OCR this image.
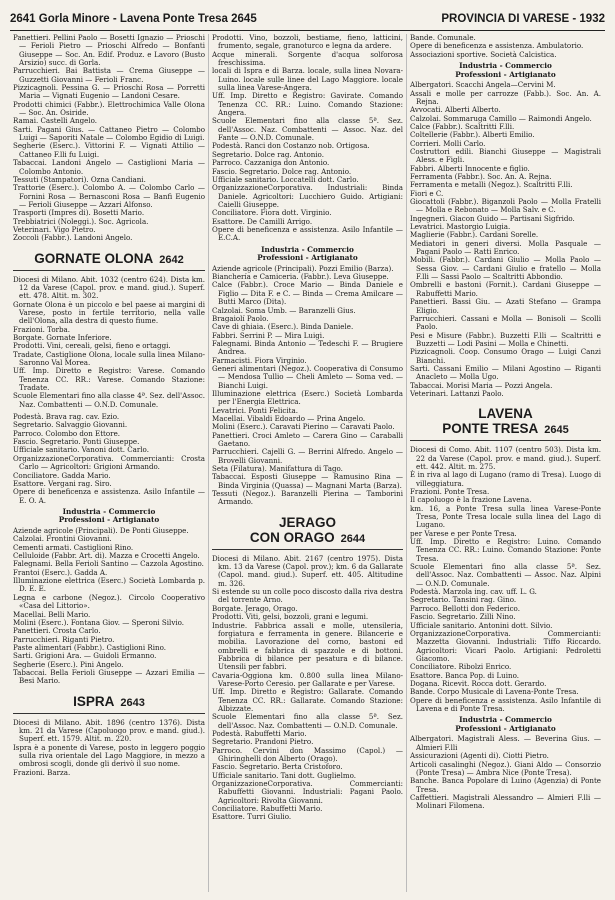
2641 Gorla Minore - Lavena Ponte Tresa 2645	PROVINCIA DI VARESE - 1932

Panettieri. Pellini Paolo — Bosetti Ignazio — Prioschi — Ferioli Pietro — Prioschi Alfredo — Bonfanti Giuseppe — Soc. An. Edif. Produz. e Lavoro (Busto Arsizio) succ. di Gorla.

Parrucchieri. Bai Battista — Crema Giuseppe — Guzzetti Giovanni — Ferioli Franc.

Pizzicagnoli. Pessina G. — Prioschi Rosa — Porretti Maria — Vignati Eugenio — Landoni Cesare.

Prodotti chimici (Fabbr.). Elettrochimica Valle Olona — Soc. An. Osiride.

Ramai. Castelli Angelo.

Sarti. Pagani Gius. — Cattaneo Pietro — Colombo Luigi — Saporiti Natale — Colombo Egidio di Luigi.

Segherie (Eserc.). Vittorini F. — Vignati Attilio — Cattaneo F.lli fu Luigi.

Tabaccai. Landoni Angelo — Castiglioni Maria — Colombo Antonio.

Tessuti (Stampatori). Ozna Candiani.

Trattorie (Eserc.). Colombo A. — Colombo Carlo — Fornini Rosa — Bernasconi Rosa — Banfi Eugenio — Ferioli Giuseppe — Azzari Alfonso.

Trasporti (Impres di). Bosetti Mario.

Trebbiatrici (Noleggi.). Soc. Agricola.

Veterinari. Vigo Pietro.

Zoccoli (Fabbr.). Landoni Angelo.

GORNATE OLONA 2642

Diocesi di Milano. Abit. 1032 (centro 624). Dista km. 12 da Varese (Capol. prov. e mand. giud.). Superf. ett. 478. Altit. m. 302.

Gornate Olona è un piccolo e bel paese ai margini di Varese, posto in fertile territorio, nella valle dell'Olona, alla destra di questo fiume.

Frazioni. Torba.

Borgate. Gornate Inferiore.

Prodotti. Vini, cereali, gelsi, fieno e ortaggi.

Tradate, Castiglione Olona, locale sulla linea Milano-Saronno Val Morea.

Uff. Imp. Diretto e Registro: Varese. Comando Tenenza CC. RR.: Varese. Comando Stazione: Tradate.

Scuole Elementari fino alla classe 4ª. Sez. dell'Assoc. Naz. Combattenti — O.N.D. Comunale.

Podestà. Brava rag. cav. Ezio.

Segretario. Salvaggio Giovanni.

Parroco. Colombo don Ettore.

Fascio. Segretario. Ponti Giuseppe.

Ufficiale sanitario. Vanoni dott. Carlo.

OrganizzazioneCorporativa. Commercianti: Crosta Carlo — Agricoltori: Grigioni Armando.

Conciliatore. Gadda Mario.

Esattore. Vergani rag. Siro.

Opere di beneficenza e assistenza. Asilo Infantile — E. O. A.

Industria - Commercio
Professioni - Artigianato

Aziende agricole (Principali). De Ponti Giuseppe.

Calzolai. Frontini Giovanni.

Cementi armati. Castiglioni Rino.

Celluloide (Fabbr. Art. di). Mazza e Crocetti Angelo.

Falegnami. Bella Ferioli Santino — Cazzola Agostino.

Frantoi (Eserc.). Gadda A.

Illuminazione elettrica (Eserc.) Società Lombarda p. D. E. E.

Legna e carbone (Negoz.). Circolo Cooperativo «Casa del Littorio».

Macellai. Belli Mario.

Molini (Eserc.). Fontana Giov. — Speroni Silvio.

Panettieri. Crosta Carlo.

Parrucchieri. Riganti Pietro.

Paste alimentari (Fabbr.). Castiglioni Rino.

Sarti. Grigioni Ara. — Guidoli Ermanno.

Segherie (Eserc.). Pini Angelo.

Tabaccai. Bella Ferioli Giuseppe — Azzari Emilia — Besi Mario.

ISPRA 2643

Diocesi di Milano. Abit. 1896 (centro 1376). Dista km. 21 da Varese (Capoluogo prov. e mand. giud.). Superf. ett. 1579. Altit. m. 220.

Ispra è a ponente di Varese, posto in leggero poggio sulla riva orientale del Lago Maggiore, in mezzo a ombrosi scogli, donde gli derivò il suo nome.

Frazioni. Barza.

Prodotti. Vino, bozzoli, bestiame, fieno, latticini, frumento, segale, granoturco e legna da ardere.

Acque minerali. Sorgente d'acqua solforosa freschissima.

locali di Ispra e di Barza. locale, sulla linea Novara-Luino. locale sulle linee del Lago Maggiore. locale sulla linea Varese-Angera.

Uff. Imp. Diretto e Registro: Gavirate. Comando Tenenza CC. RR.: Luino. Comando Stazione: Angera.

Scuole Elementari fino alla classe 5ª. Sez. dell'Assoc. Naz. Combattenti — Assoc. Naz. del Fante — O.N.D. Comunale.

Podestà. Ranci don Costanzo nob. Ortigosa.

Segretario. Dolce rag. Antonio.

Parroco. Cazzaniga don Antonio.

Fascio. Segretario. Dolce rag. Antonio.

Ufficiale sanitario. Loccatelli dott. Carlo.

OrganizzazioneCorporativa. Industriali: Binda Daniele. Agricoltori: Lucchiero Guido. Artigiani: Caielli Giuseppe.

Conciliatore. Fiora dott. Virginio.

Esattore. De Camilli Arrigo.

Opere di beneficenza e assistenza. Asilo Infantile — E.C.A.

Industria - Commercio
Professioni - Artigianato

Aziende agricole (Principali). Pozzi Emilio (Barza).

Bianchería e Camiceria. (Fabbr.). Leva Giuseppe.

Calce (Fabbr.). Croce Mario — Binda Daniele e Figlio — Dita F. e C. — Binda — Crema Amilcare — Butti Marco (Dita).

Calzolai. Soma Umb. — Baranzelli Gius.

Bragaiolí Paolo.

Cave di ghiaia. (Eserc.). Binda Daniele.

Fabbri. Serrini P. — Mira Luigi.

Falegnami. Binda Antonio — Tedeschi F. — Brugiere Andrea.

Farmacisti. Fiora Virginio.

Generi alimentari (Negoz.). Cooperativa di Consumo — Mendosa Tullio — Cheli Amleto — Soma ved. — Bianchi Luigi.

Illuminazione elettrica (Eserc.) Società Lombarda per l'Energia Elettrica.

Levatrici. Ponti Felicita.

Macellai. Vibaldi Edoardo — Prina Angelo.

Molini (Eserc.). Caravati Pierino — Caravati Paolo.

Panettieri. Croci Amleto — Carera Gino — Caraballi Gaetano.

Parrucchieri. Cajelli G. — Berrini Alfredo. Angelo — Brovelli Giovanni.

Seta (Filatura). Manifattura di Tago.

Tabaccai. Esposti Giuseppe — Ramusino Rina — Binda Virginia (Quassa) — Magnani Marta (Barza).

Tessuti (Negoz.). Baranzelli Pierina — Tamborini Armando.

JERAGO
CON ORAGO 2644

Diocesi di Milano. Abit. 2167 (centro 1975). Dista km. 13 da Varese (Capol. prov.); km. 6 da Gallarate (Capol. mand. giud.). Superf. ett. 405. Altitudine m. 326.

Si estende su un colle poco discosto dalla riva destra del torrente Arno.

Borgate. Jerago, Orago.

Prodotti. Viti, gelsi, bozzoli, grani e legumi.

Industrie. Fabbrica assali e molle, utensileria, forgiatura e ferramenta in genere. Bilancerie e mobilia. Lavorazione del corno, bastoni ed ombrelli e fabbrica di spazzole e di bottoni. Fabbrica di bilance per pesatura e di bilance. Utensili per fabbri.

Cavaria-Oggiona km. 0.800 sulla linea Milano-Varese-Porto Ceresio. per Gallarate e per Varese.

Uff. Imp. Diretto e Registro: Gallarate. Comando Tenenza CC. RR.: Gallarate. Comando Stazione: Albizzate.

Scuole Elementari fino alla classe 5ª. Sez. dell'Assoc. Naz. Combattenti — O.N.D. Comunale.

Podestà. Rabuffetti Mario.

Segretario. Prandoni Pietro.

Parroco. Cervini don Massimo (Capol.) — Ghiringhelli don Alberto (Orago).

Fascio. Segretario. Berta Cristoforo.

Ufficiale sanitario. Tani dott. Guglielmo.

OrganizzazioneCorporativa. Commercianti: Rabuffetti Giovanni. Industriali: Pagani Paolo. Agricoltori: Rivolta Giovanni.

Conciliatore. Rabuffetti Mario.

Esattore. Turri Giulio.

Bande. Comunale.

Opere di beneficenza e assistenza. Ambulatorio.

Associazioni sportive. Società Calcistica.

Industria - Commercio
Professioni - Artigianato

Albergatori. Scacchi Angela—Cervini M.

Assali e molle per carrozze (Fabb.). Soc. An. A. Rejna.

Avvocati. Alberti Alberto.

Calzolai. Sommaruga Camillo — Raimondi Angelo.

Calce (Fabbr.). Scaltritti F.lli.

Coltellerie (Fabbr.). Alberti Emilio.

Corrieri. Molli Carlo.

Costruttori edili. Bianchi Giuseppe — Magistrali Aless. e Figli.

Fabbri. Alberti Innocente e figlio.

Ferramenta (Fabbr.). Soc. An. A. Rejna.

Ferramenta e metalli (Negoz.). Scaltritti F.lli.

Fiori e C.

Giocattoli (Fabbr.). Biganzoli Paolo — Molla Fratelli — Molla e Rebonato — Molla Salv. e C.

Ingegneri. Giacon Guido — Partisani Sigfrido.

Levatrici. Mastorgio Luigia.

Maglierie (Fabbr.). Cardani Sorelle.

Mediatori in generi diversi. Molla Pasquale — Pagani Paolo — Ratti Enrico.

Mobili. (Fabbr.). Cardani Giulio — Molla Paolo — Sessa Giov. — Cardani Giulio e fratello — Molla F.lli — Sassi Paolo — Scaltritti Abbondio.

Ombrelli e bastoni (Fornit.). Cardani Giuseppe — Rabuffetti Mario.

Panettieri. Bassi Giu. — Azati Stefano — Grampa Eligio.

Parrucchieri. Cassani e Molla — Bonisoli — Scolli Paolo.

Pesi e Misure (Fabbr.). Buzzetti F.lli — Scaltritti e Buzzetti — Lodi Pasini — Molla e Chinetti.

Pizzicagnoli. Coop. Consumo Orago — Luigi Canzi Bianchi.

Sarti. Cassani Emilio — Milani Agostino — Riganti Anacleto — Molla Ugo.

Tabaccai. Morisi Maria — Pozzi Angela.

Veterinari. Lattanzi Paolo.

LAVENA
PONTE TRESA 2645

Diocesi di Como. Abit. 1107 (centro 503). Dista km. 22 da Varese (Capol. prov. e mand. giud.). Superf. ett. 442. Altit. m. 275.

È in riva al lago di Lugano (ramo di Tresa). Luogo di villeggiatura.

Frazioni. Ponte Tresa.

Il capoluogo è la frazione Lavena.

km. 16, a Ponte Tresa sulla linea Varese-Ponte Tresa, Ponte Tresa locale sulla linea del Lago di Lugano.

per Varese e per Ponte Tresa.

Uff. Imp. Diretto e Registro: Luino. Comando Tenenza CC. RR.: Luino. Comando Stazione: Ponte Tresa.

Scuole Elementari fino alla classe 5ª. Sez. dell'Assoc. Naz. Combattenti — Assoc. Naz. Alpini — O.N.D. Comunale.

Podestà. Marzola ing. cav. uff. L. G.

Segretario. Tansini rag. Gino.

Parroco. Bellotti don Federico.

Fascio. Segretario. Zilli Nino.

Ufficiale sanitario. Antonini dott. Silvio.

OrganizzazioneCorporativa. Commercianti: Mazzetta Giovanni. Industriali: Tiffo Riccardo. Agricoltori: Vicari Paolo. Artigiani: Pedroletti Giacomo.

Conciliatore. Ribolzi Enrico.

Esattore. Banca Pop. di Luino.

Dogana. Ricevit. Rocca dott. Gerardo.

Bande. Corpo Musicale di Lavena-Ponte Tresa.

Opere di beneficenza e assistenza. Asilo Infantile di Lavena e di Ponte Tresa.

Industria - Commercio
Professioni - Artigianato

Albergatori. Magistrali Aless. — Beverina Gius. — Almieri F.lli

Assicurazioni (Agenti di). Ciotti Pietro.

Articoli casalinghi (Negoz.). Giani Aldo — Consorzio (Ponte Tresa) — Ambra Nice (Ponte Tresa).

Banche. Banca Popolare di Luino (Agenzia) di Ponte Tresa.

Caffettieri. Magistrali Alessandro — Almieri F.lli — Molinari Filomena.
